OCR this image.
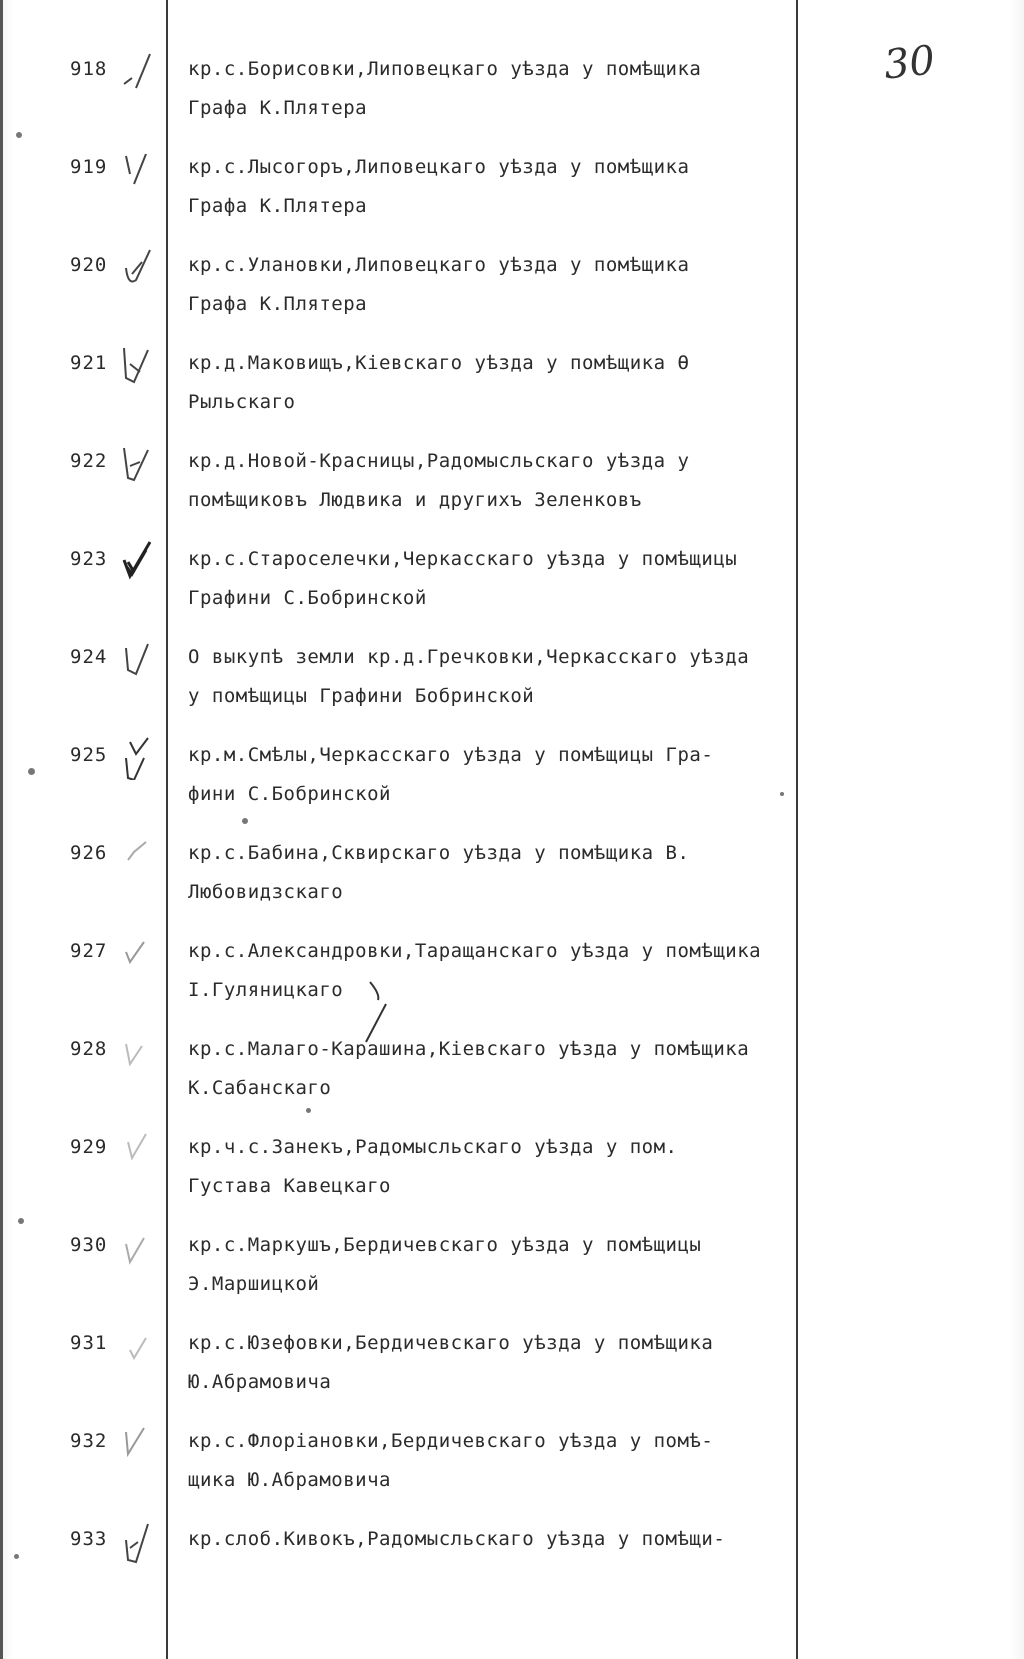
30
918	кр.с.Борисовки,Липовецкаго уѣзда у помѣщика
Графа К.Плятера
919	кр.с.Лысогоръ,Липовецкаго уѣзда у помѣщика
Графа К.Плятера
920	кр.с.Улановки,Липовецкаго уѣзда у помѣщика
Графа К.Плятера
921	кр.д.Маковищъ,Кіевскаго уѣзда у помѣщика Ѳ
Рыльскаго
922	кр.д.Новой-Красницы,Радомысльскаго уѣзда у
помѣщиковъ Людвика и другихъ Зеленковъ
923	кр.с.Староселечки,Черкасскаго уѣзда у помѣщицы
Графини С.Бобринской
924	О выкупѣ земли кр.д.Гречковки,Черкасскаго уѣзда
у помѣщицы Графини Бобринской
925	кр.м.Смѣлы,Черкасскаго уѣзда у помѣщицы Гра-
фини С.Бобринской
926	кр.с.Бабина,Сквирскаго уѣзда у помѣщика В.
Любовидзскаго
927	кр.с.Александровки,Таращанскаго уѣзда у помѣщика
І.Гуляницкаго
928	кр.с.Малаго-Карашина,Кіевскаго уѣзда у помѣщика
К.Сабанскаго
929	кр.ч.с.Занекъ,Радомысльскаго уѣзда у пом.
Густава Кавецкаго
930	кр.с.Маркушъ,Бердичевскаго уѣзда у помѣщицы
Э.Маршицкой
931	кр.с.Юзефовки,Бердичевскаго уѣзда у помѣщика
Ю.Абрамовича
932	кр.с.Флоріановки,Бердичевскаго уѣзда у помѣ-
щика Ю.Абрамовича
933	кр.слоб.Кивокъ,Радомысльскаго уѣзда у помѣщи-
